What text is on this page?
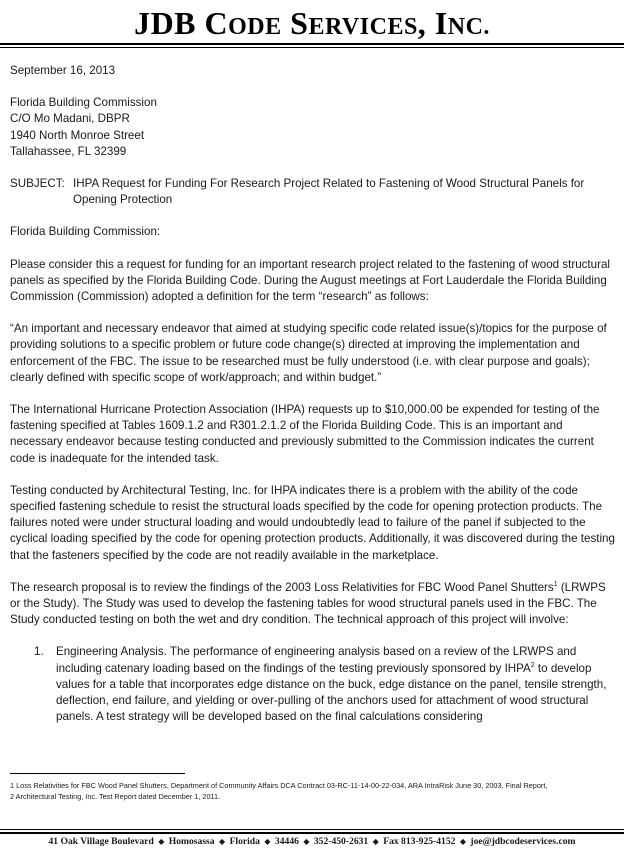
JDB CODE SERVICES, INC.

September 16, 2013

Florida Building Commission

C/O Mo Madani, DBPR

1940 North Monroe Street

Tallahassee, FL 32399

SUBJECT: IHPA Request for Funding For Research Project Related to Fastening of Wood Structural Panels for Opening Protection

Florida Building Commission:

Please consider this a request for funding for an important research project related to the fastening of wood structural panels as specified by the Florida Building Code. During the August meetings at Fort Lauderdale the Florida Building Commission (Commission) adopted a definition for the term “research” as follows:

“An important and necessary endeavor that aimed at studying specific code related issue(s)/topics for the purpose of providing solutions to a specific problem or future code change(s) directed at improving the implementation and enforcement of the FBC. The issue to be researched must be fully understood (i.e. with clear purpose and goals); clearly defined with specific scope of work/approach; and within budget.”

The International Hurricane Protection Association (IHPA) requests up to $10,000.00 be expended for testing of the fastening specified at Tables 1609.1.2 and R301.2.1.2 of the Florida Building Code. This is an important and necessary endeavor because testing conducted and previously submitted to the Commission indicates the current code is inadequate for the intended task.

Testing conducted by Architectural Testing, Inc. for IHPA indicates there is a problem with the ability of the code specified fastening schedule to resist the structural loads specified by the code for opening protection products. The failures noted were under structural loading and would undoubtedly lead to failure of the panel if subjected to the cyclical loading specified by the code for opening protection products. Additionally, it was discovered during the testing that the fasteners specified by the code are not readily available in the marketplace.

The research proposal is to review the findings of the 2003 Loss Relativities for FBC Wood Panel Shutters$^1$ (LRWPS or the Study). The Study was used to develop the fastening tables for wood structural panels used in the FBC. The Study conducted testing on both the wet and dry condition. The technical approach of this project will involve:

1.	Engineering Analysis. The performance of engineering analysis based on a review of the LRWPS and including catenary loading based on the findings of the testing previously sponsored by IHPA$^2$ to develop values for a table that incorporates edge distance on the buck, edge distance on the panel, tensile strength, deflection, end failure, and yielding or over-pulling of the anchors used for attachment of wood structural panels. A test strategy will be developed based on the final calculations considering

1 Loss Relativities for FBC Wood Panel Shutters, Department of Community Affairs DCA Contract 03-RC-11-14-00-22-034, ARA IntraRisk June 30, 2003, Final Report,

2 Architectural Testing, Inc. Test Report dated December 1, 2011.

41 Oak Village Boulevard ◆ Homosassa ◆ Florida ◆ 34446 ◆ 352-450-2631 ◆ Fax 813-925-4152 ◆ joe@jdbcodeservices.com
